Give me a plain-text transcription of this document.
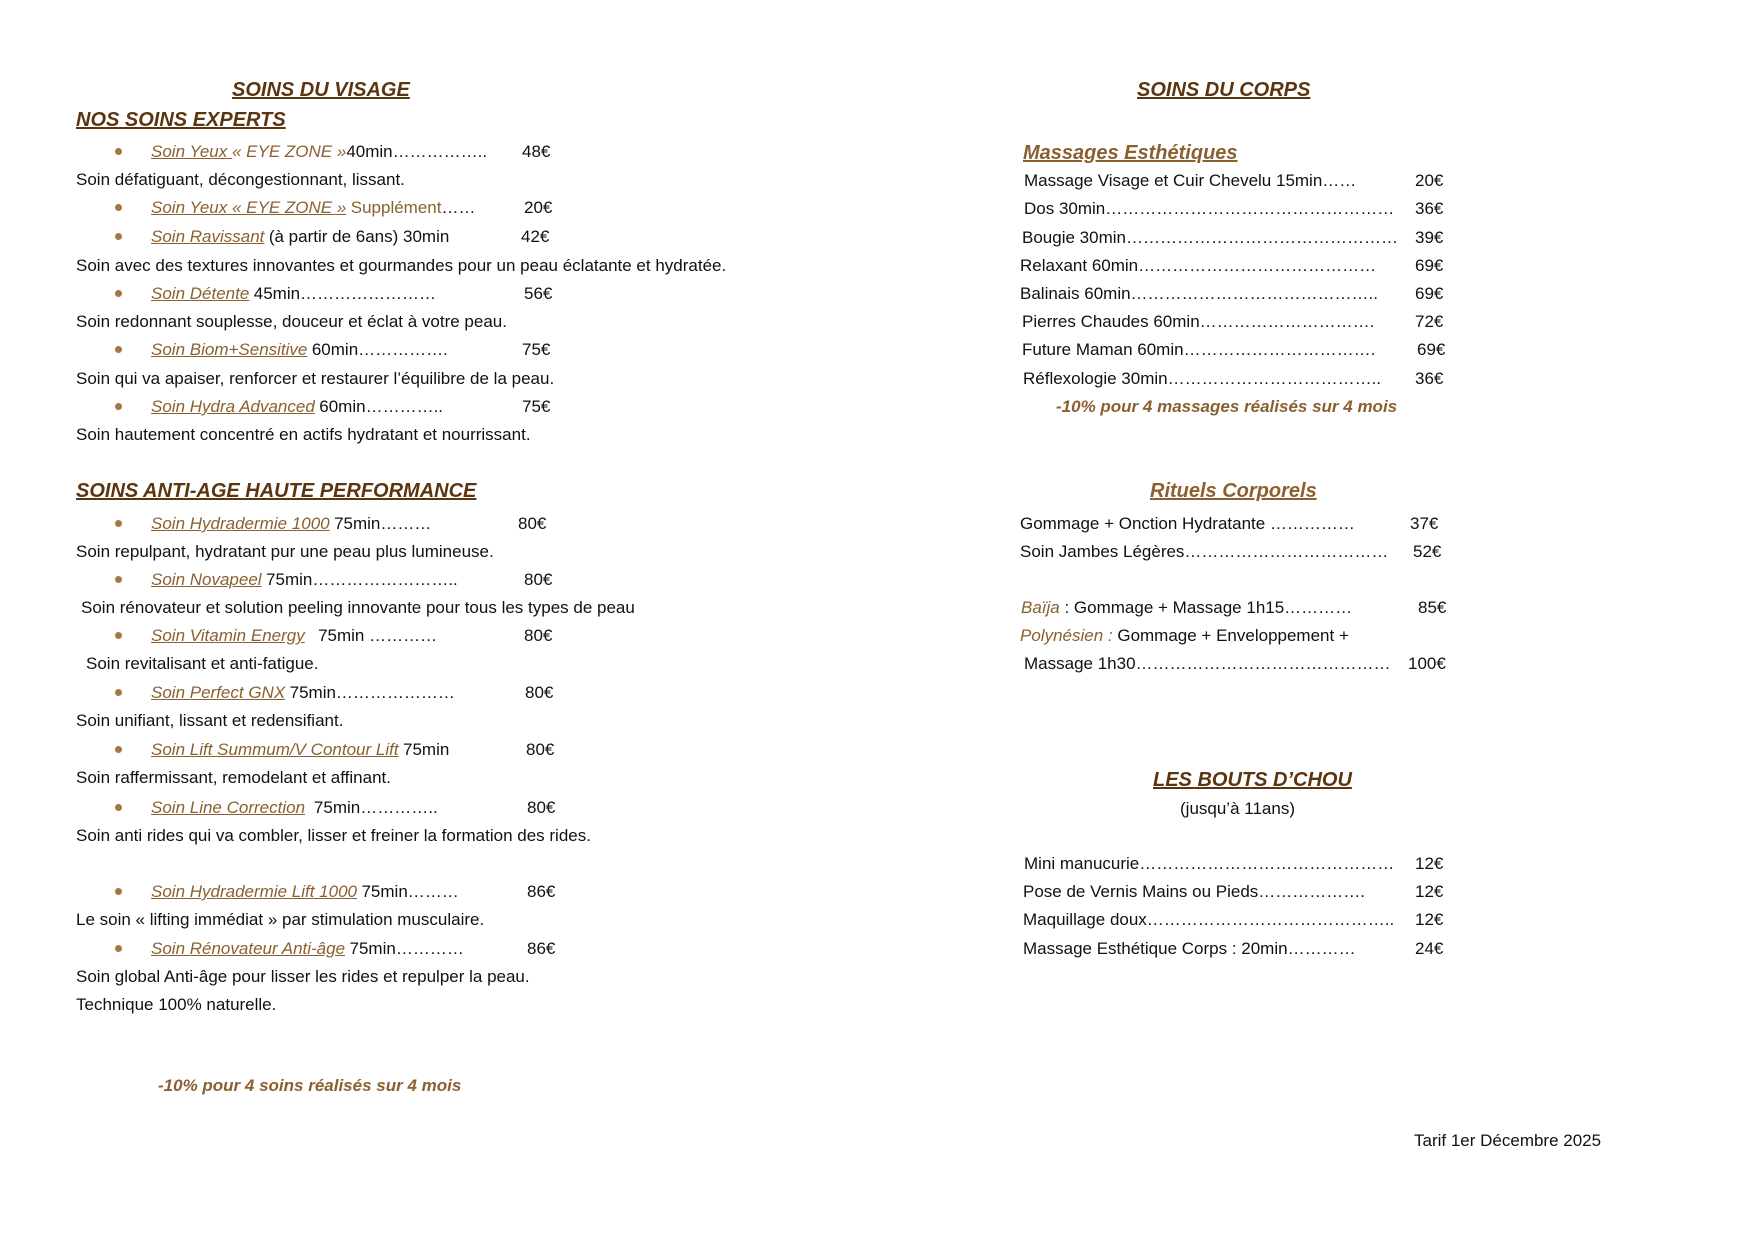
SOINS DU VISAGE
NOS SOINS EXPERTS
Soin Yeux « EYE ZONE »40min…………….. 48€
Soin défatiguant, décongestionnant, lissant.
Soin Yeux « EYE ZONE » Supplément……	20€
Soin Ravissant (à partir de 6ans) 30min	42€
Soin avec des textures innovantes et gourmandes pour un peau éclatante et hydratée.
Soin Détente 45min……………………	56€
Soin redonnant souplesse, douceur et éclat à votre peau.
Soin Biom+Sensitive 60min…………….	75€
Soin qui va apaiser, renforcer et restaurer l’équilibre de la peau.
Soin Hydra Advanced 60min…………..	75€
Soin hautement concentré en actifs hydratant et nourrissant.
SOINS ANTI-AGE HAUTE PERFORMANCE
Soin Hydradermie 1000 75min………	80€
Soin repulpant, hydratant pur une peau plus lumineuse.
Soin Novapeel 75min……………………..	80€
Soin rénovateur et solution peeling innovante pour tous les types de peau
Soin Vitamin Energy 75min …………	80€
Soin revitalisant et anti-fatigue.
Soin Perfect GNX 75min…………………	80€
Soin unifiant, lissant et redensifiant.
Soin Lift Summum/V Contour Lift 75min	80€
Soin raffermissant, remodelant et affinant.
Soin Line Correction 75min…………..	80€
Soin anti rides qui va combler, lisser et freiner la formation des rides.
Soin Hydradermie Lift 1000 75min………	86€
Le soin « lifting immédiat » par stimulation musculaire.
Soin Rénovateur Anti-âge 75min…………	86€
Soin global Anti-âge pour lisser les rides et repulper la peau.
Technique 100% naturelle.
-10% pour 4 soins réalisés sur 4 mois
SOINS DU CORPS
Massages Esthétiques
Massage Visage et Cuir Chevelu 15min……	20€
Dos 30min…………………………………………… 36€
Bougie 30min………………………………………… 39€
Relaxant 60min…………………………………… 69€
Balinais 60min…………………………………….. 69€
Pierres Chaudes 60min…………………………. 72€
Future Maman 60min……………………………. 69€
Réflexologie 30min……………………………….. 36€
-10% pour 4 massages réalisés sur 4 mois
Rituels Corporels
Gommage + Onction Hydratante ……………	37€
Soin Jambes Légères……………………………… 52€
Baïja : Gommage + Massage 1h15…………	85€
Polynésien : Gommage + Enveloppement +
Massage 1h30……………………………………… 100€
LES BOUTS D’CHOU
(jusqu’à 11ans)
Mini manucurie……………………………………… 12€
Pose de Vernis Mains ou Pieds……………….	12€
Maquillage doux…………………………………….. 12€
Massage Esthétique Corps : 20min…………	24€
Tarif 1er Décembre 2025
